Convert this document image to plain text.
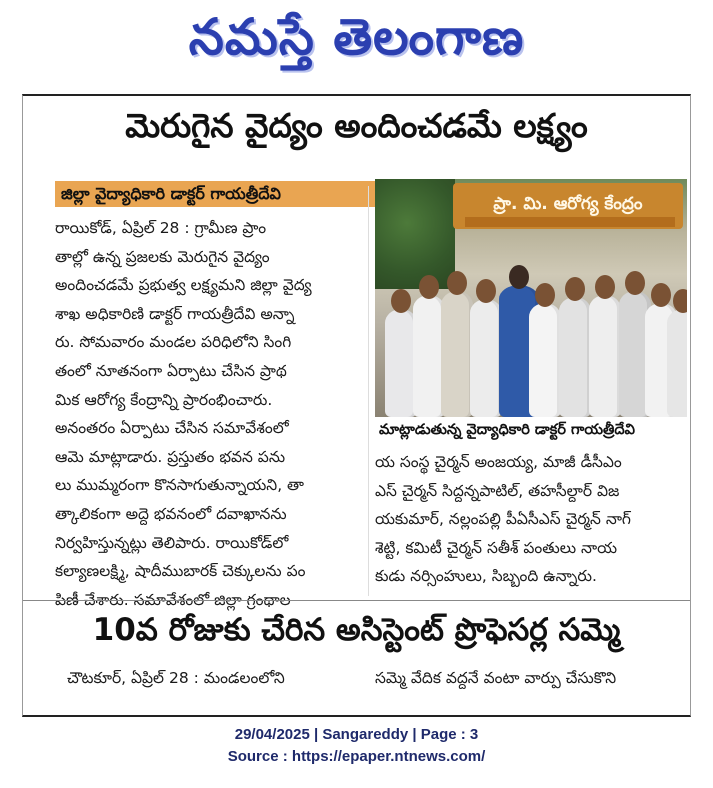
నమస్తే తెలంగాణ
మెరుగైన వైద్యం అందించడమే లక్ష్యం
జిల్లా వైద్యాధికారి డాక్టర్ గాయత్రీదేవి
రాయికోడ్, ఏప్రిల్ 28 : గ్రామీణ ప్రాం
తాల్లో ఉన్న ప్రజలకు మెరుగైన వైద్యం
అందించడమే ప్రభుత్వ లక్ష్యమని జిల్లా వైద్య
శాఖ అధికారిణి డాక్టర్ గాయత్రీదేవి అన్నా
రు. సోమవారం మండల పరిధిలోని సింగి
తంలో నూతనంగా ఏర్పాటు చేసిన ప్రాథ
మిక ఆరోగ్య కేంద్రాన్ని ప్రారంభించారు.
అనంతరం ఏర్పాటు చేసిన సమావేశంలో
ఆమె మాట్లాడారు. ప్రస్తుతం భవన పను
లు ముమ్మరంగా కొనసాగుతున్నాయని, తా
త్కాలికంగా అద్దె భవనంలో దవాఖానను
నిర్వహిస్తున్నట్లు తెలిపారు. రాయికోడ్‌లో
కల్యాణలక్ష్మి, షాదీముబారక్ చెక్కులను పం
పిణీ చేశారు. సమావేశంలో జిల్లా గ్రంథాల
ప్రా. మి. ఆరోగ్య కేంద్రం
మాట్లాడుతున్న వైద్యాధికారి డాక్టర్ గాయత్రీదేవి
య సంస్థ చైర్మన్ అంజయ్య, మాజీ డీసీఎం
ఎస్ చైర్మన్ సిద్దన్నపాటిల్, తహసీల్దార్ విజ
యకుమార్, నల్లంపల్లి పీఏసీఎస్ చైర్మన్ నాగ్
శెట్టి, కమిటీ చైర్మన్ సతీశ్ పంతులు నాయ
కుడు నర్సింహులు, సిబ్బంది ఉన్నారు.
10వ రోజుకు చేరిన అసిస్టెంట్ ప్రొఫెసర్ల సమ్మె
చౌటకూర్, ఏప్రిల్ 28 : మండలంలోని	సమ్మె వేదిక వద్దనే వంటా వార్పు చేసుకొని
29/04/2025 | Sangareddy | Page : 3
Source : https://epaper.ntnews.com/
